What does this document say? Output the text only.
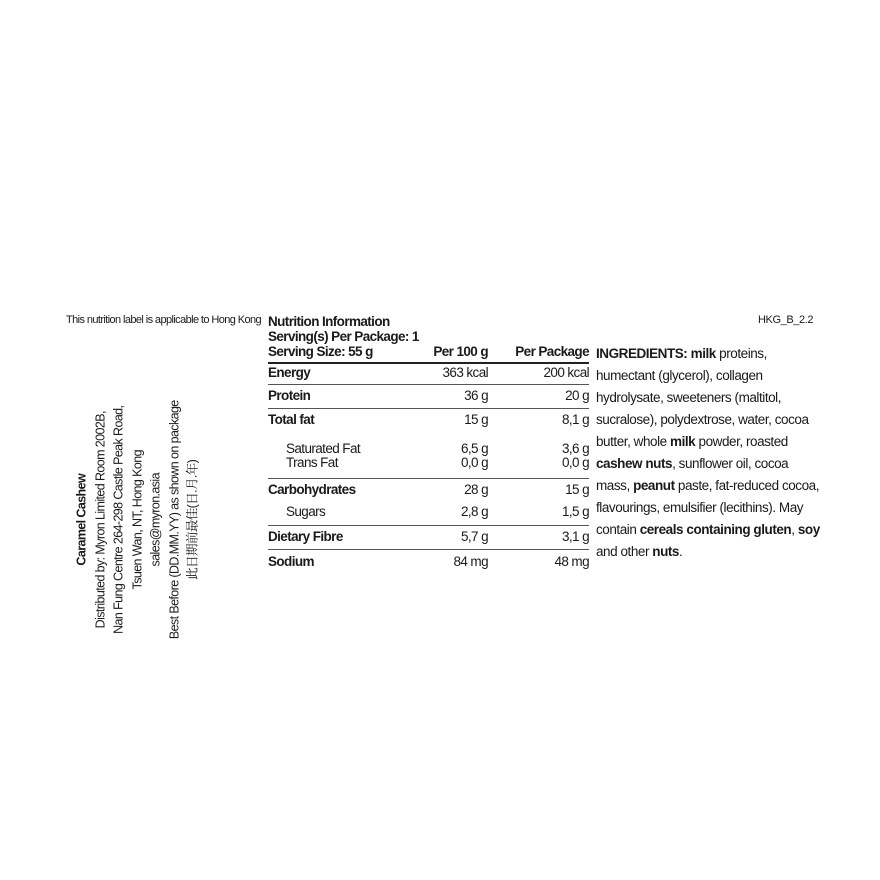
This nutrition label is applicable to Hong Kong	HKG_B_2.2
Caramel Cashew Distributed by: Myron Limited Room 2002B, Nan Fung Centre 264-298 Castle Peak Road, Tsuen Wan, NT, Hong Kong sales@myron.asia Best Before (DD.MM.YY) as shown on package 此日期前最佳(日.月.年)
Nutrition Information
Serving(s) Per Package: 1
Serving Size: 55 g	Per 100 g Per Package
Energy	363 kcal	200 kcal
Protein	36 g	20 g
Total fat	15 g	8,1 g
Saturated Fat	6,5 g	3,6 g
Trans Fat	0,0 g	0,0 g
Carbohydrates	28 g	15 g
Sugars	2,8 g	1,5 g
Dietary Fibre	5,7 g	3,1 g
Sodium	84 mg	48 mg
INGREDIENTS: milk proteins,
humectant (glycerol), collagen
hydrolysate, sweeteners (maltitol,
sucralose), polydextrose, water, cocoa
butter, whole milk powder, roasted
cashew nuts, sunflower oil, cocoa
mass, peanut paste, fat-reduced cocoa,
flavourings, emulsifier (lecithins). May
contain cereals containing gluten, soy
and other nuts.
